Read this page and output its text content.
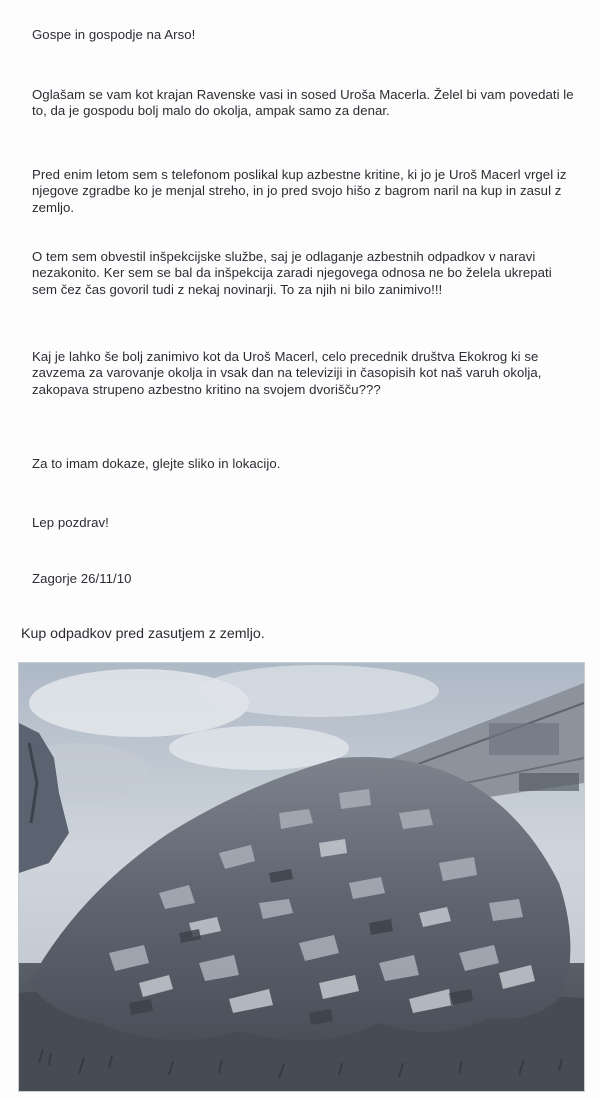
Gospe in gospodje na Arso!

Oglašam se vam kot krajan Ravenske vasi in sosed Uroša Macerla. Želel bi vam povedati le to, da je gospodu bolj malo do okolja, ampak samo za denar.

Pred enim letom sem s telefonom poslikal kup azbestne kritine, ki jo je Uroš Macerl vrgel iz njegove zgradbe ko je menjal streho, in jo pred svojo hišo z bagrom naril na kup in zasul z zemljo.

O tem sem obvestil inšpekcijske službe, saj je odlaganje azbestnih odpadkov v naravi nezakonito. Ker sem se bal da inšpekcija zaradi njegovega odnosa ne bo želela ukrepati sem čez čas govoril tudi z nekaj novinarji. To za njih ni bilo zanimivo!!!

Kaj je lahko še bolj zanimivo kot da Uroš Macerl, celo precednik društva Ekokrog ki se zavzema za varovanje okolja in vsak dan na televiziji in časopisih kot naš varuh okolja, zakopava strupeno azbestno kritino na svojem dvorišču???

Za to imam dokaze, glejte sliko in lokacijo.

Lep pozdrav!

Zagorje 26/11/10

Kup odpadkov pred zasutjem z zemljo.
